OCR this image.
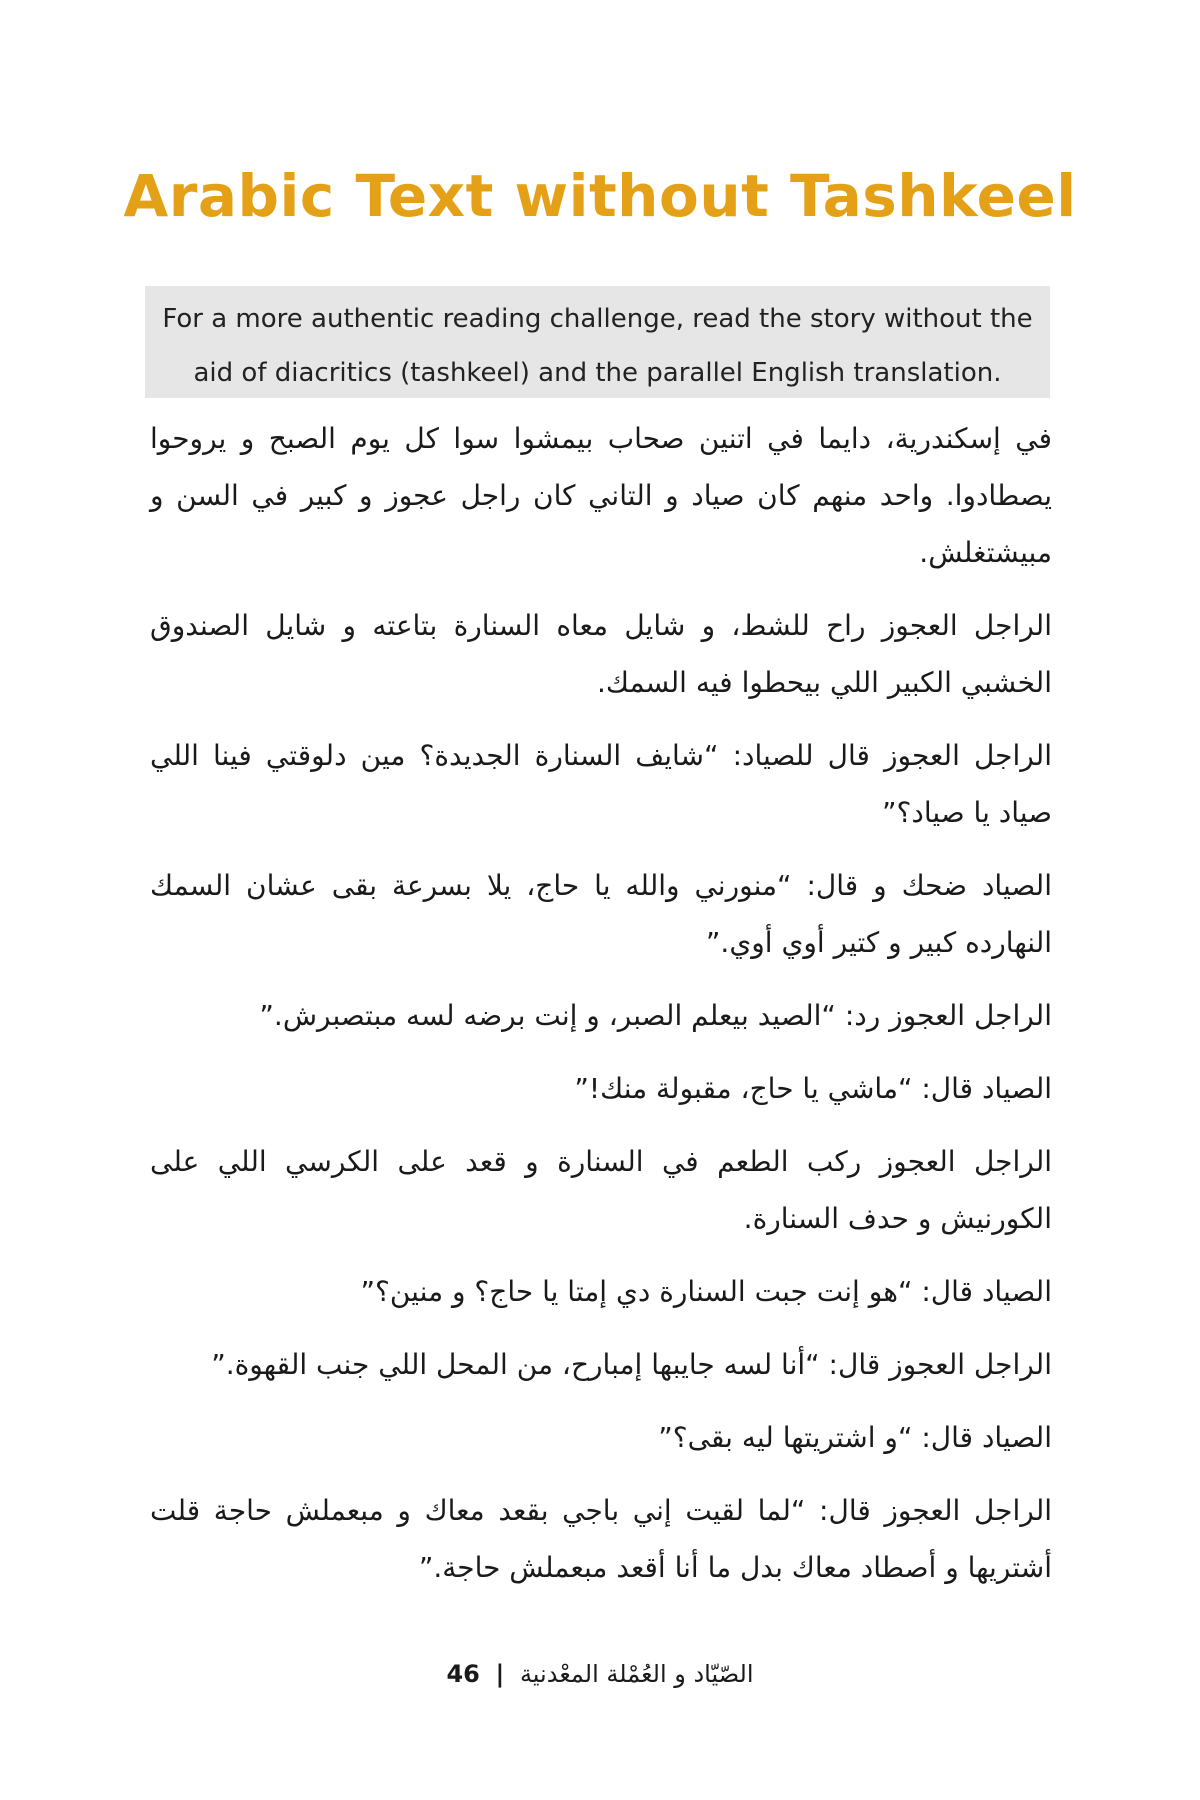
Arabic Text without Tashkeel
For a more authentic reading challenge, read the story without the
aid of diacritics (tashkeel) and the parallel English translation.

في إسكندرية، دايما في اتنين صحاب بيمشوا سوا كل يوم الصبح و يروحوا يصطادوا. واحد منهم كان صياد و التاني كان راجل عجوز و كبير في السن و مبيشتغلش.

الراجل العجوز راح للشط، و شايل معاه السنارة بتاعته و شايل الصندوق الخشبي الكبير اللي بيحطوا فيه السمك.

الراجل العجوز قال للصياد: “شايف السنارة الجديدة؟ مين دلوقتي فينا اللي صياد يا صياد؟”

الصياد ضحك و قال: “منورني والله يا حاج، يلا بسرعة بقى عشان السمك النهارده كبير و كتير أوي أوي.”

الراجل العجوز رد: “الصيد بيعلم الصبر، و إنت برضه لسه مبتصبرش.”

الصياد قال: “ماشي يا حاج، مقبولة منك!”

الراجل العجوز ركب الطعم في السنارة و قعد على الكرسي اللي على الكورنيش و حدف السنارة.

الصياد قال: “هو إنت جبت السنارة دي إمتا يا حاج؟ و منين؟”

الراجل العجوز قال: “أنا لسه جايبها إمبارح، من المحل اللي جنب القهوة.”

الصياد قال: “و اشتريتها ليه بقى؟”

الراجل العجوز قال: “لما لقيت إني باجي بقعد معاك و مبعملش حاجة قلت أشتريها و أصطاد معاك بدل ما أنا أقعد مبعملش حاجة.”

الصّيّاد و العُمْلة المعْدنية | 46
